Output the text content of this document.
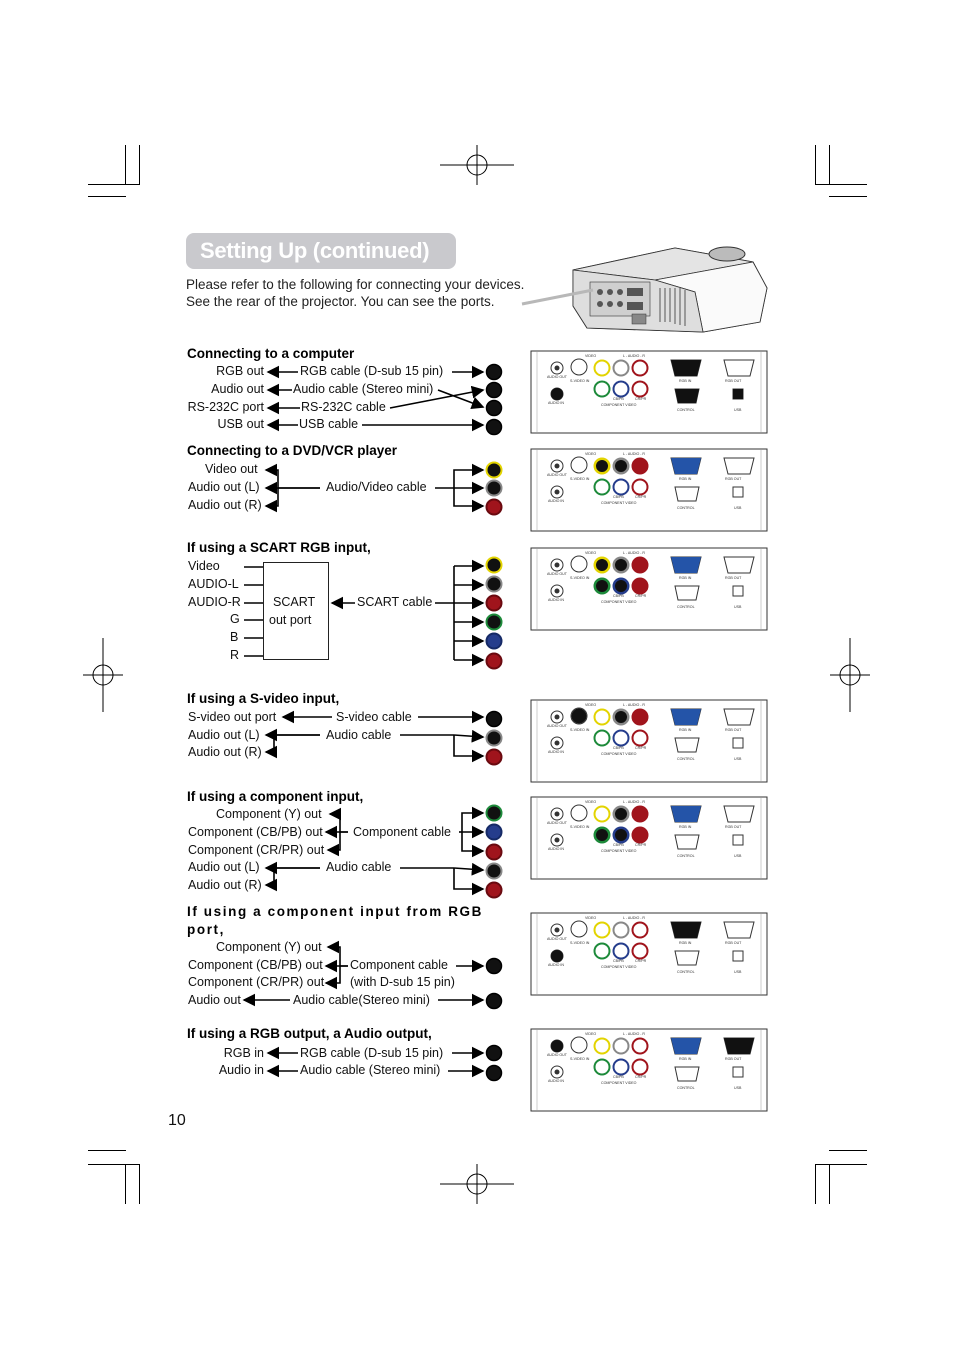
Setting Up (continued)
Please refer to the following for connecting your devices.
See the rear of the projector. You can see the ports.
Connecting to a computer
RGB out	RGB cable (D-sub 15 pin)
Audio out Audio cable (Stereo mini)
RS-232C port	RS-232C cable
USB out	USB cable
Connecting to a DVD/VCR player
Video out
Audio out (L)
Audio out (R)
Audio/Video cable
If using a SCART RGB input,
Video
AUDIO-L
AUDIO-R
G
B
R
SCART
out port
SCART cable
If using a S-video input,
S-video out port
Audio out (L)
Audio out (R)
S-video cable
Audio cable
If using a component input,
Component (Y) out
Component (CB/PB) out
Component (CR/PR) out
Audio out (L)
Audio out (R)
Component cable
Audio cable
If using a component input from RGB port,
Component (Y) out
Component (CB/PB) out
Component (CR/PR) out
Audio out
Component cable
(with D-sub 15 pin)
Audio cable(Stereo mini)
If using a RGB output, a Audio output,
RGB in	RGB cable (D-sub 15 pin)
Audio in	Audio cable (Stereo mini)
10
VIDEO	L - AUDIO - R
AUDIO OUT
S-VIDEO IN
AUDIO IN
CB/PB	CR/PR
COMPONENT VIDEO
RGB IN	RGB OUT
CONTROL	USB
